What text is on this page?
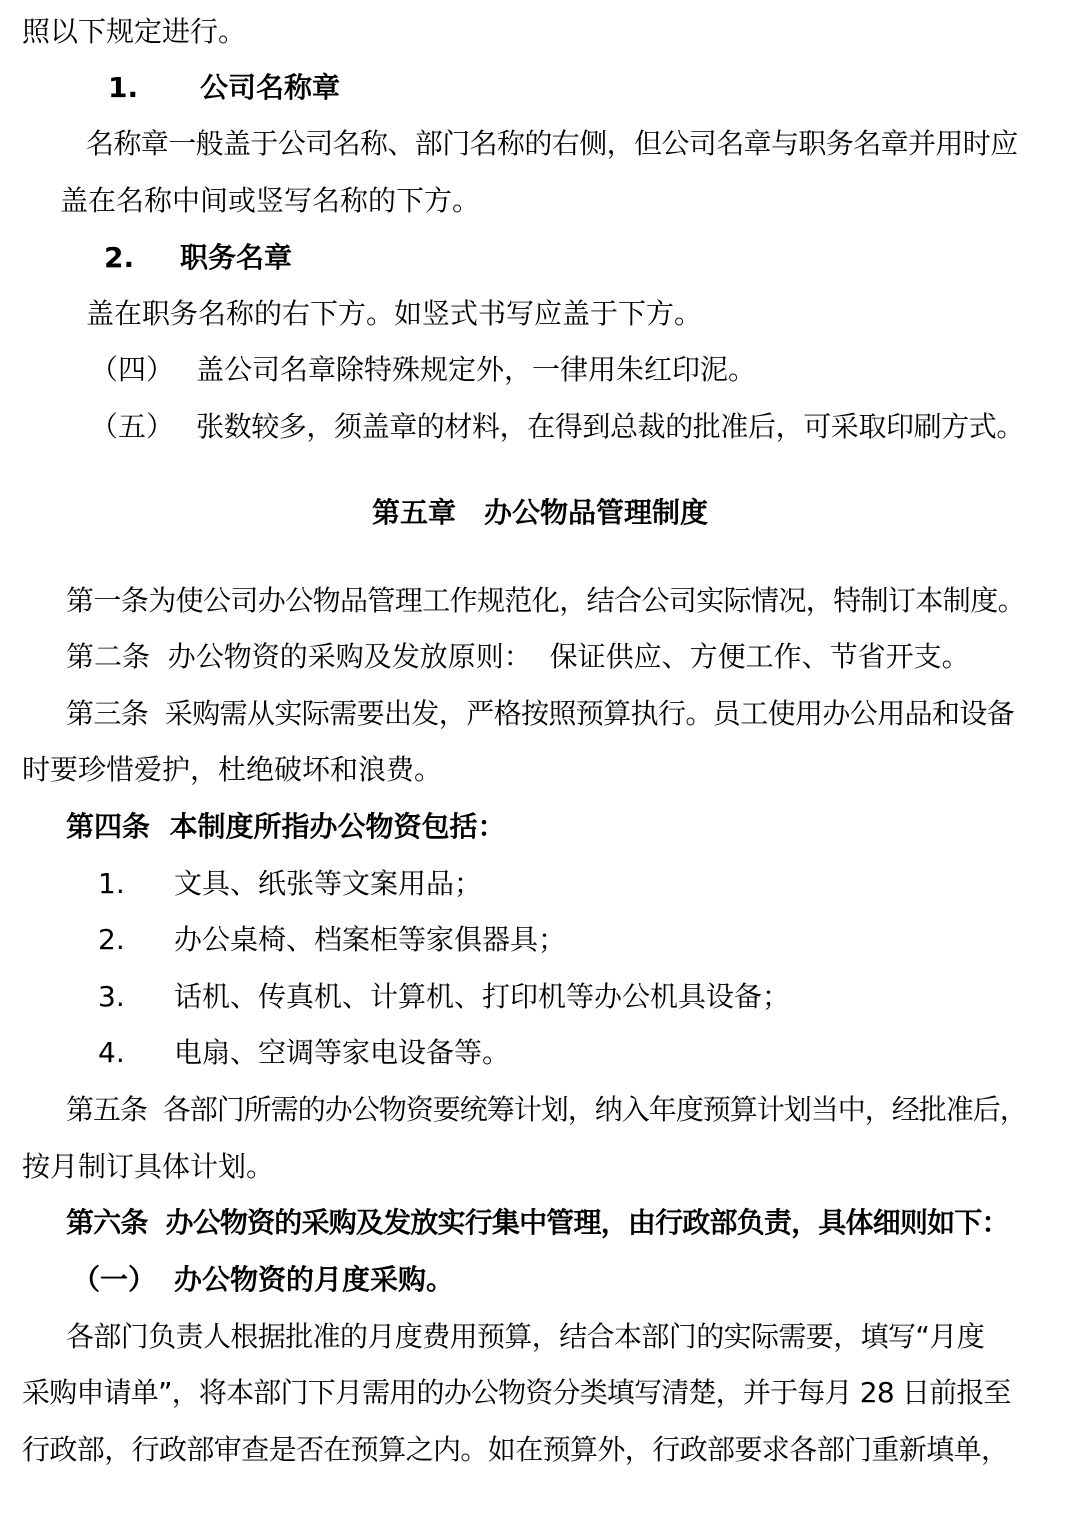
照以下规定进行。
1. 公司名称章
名称章一般盖于公司名称、部门名称的右侧，但公司名章与职务名章并用时应
盖在名称中间或竖写名称的下方。
2. 职务名章
盖在职务名称的右下方。如竖式书写应盖于下方。
（四） 盖公司名章除特殊规定外，一律用朱红印泥。
（五） 张数较多，须盖章的材料，在得到总裁的批准后，可采取印刷方式。
第五章　办公物品管理制度
第一条为使公司办公物品管理工作规范化，结合公司实际情况，特制订本制度。
第二条  办公物资的采购及发放原则：  保证供应、方便工作、节省开支。
第三条  采购需从实际需要出发，严格按照预算执行。员工使用办公用品和设备
时要珍惜爱护，杜绝破坏和浪费。
第四条  本制度所指办公物资包括：
1. 文具、纸张等文案用品；
2. 办公桌椅、档案柜等家俱器具；
3. 话机、传真机、计算机、打印机等办公机具设备；
4. 电扇、空调等家电设备等。
第五条  各部门所需的办公物资要统筹计划，纳入年度预算计划当中，经批准后，
按月制订具体计划。
第六条  办公物资的采购及发放实行集中管理，由行政部负责，具体细则如下：
（一） 办公物资的月度采购。
各部门负责人根据批准的月度费用预算，结合本部门的实际需要，填写“月度
采购申请单”，将本部门下月需用的办公物资分类填写清楚，并于每月 28 日前报至
行政部，行政部审查是否在预算之内。如在预算外，行政部要求各部门重新填单，
